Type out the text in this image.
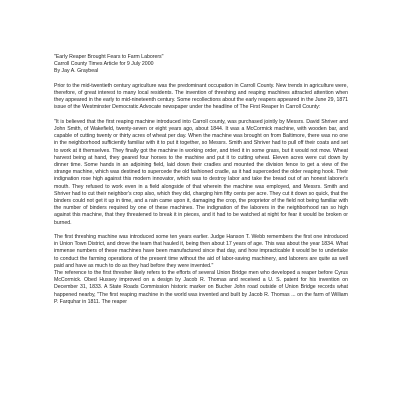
"Early Reaper Brought Fears to Farm Laborers"
Carroll County Times Article for 9 July 2000
By Jay A. Graybeal

Prior to the mid-twentieth century agriculture was the predominant occupation in Carroll County. New trends in agriculture were, therefore, of great interest to many local residents. The invention of threshing and reaping machines attracted attention when they appeared in the early to mid-nineteenth century. Some recollections about the early reapers appeared in the June 29, 1871 issue of the Westminster Democratic Advocate newspaper under the headline of The First Reaper In Carroll County:

"It is believed that the first reaping machine introduced into Carroll county, was purchased jointly by Messrs. David Shriver and John Smith, of Wakefield, twenty-seven or eight years ago, about 1844. It was a McCormick machine, with wooden bar, and capable of cutting twenty or thirty acres of wheat per day. When the machine was brought on from Baltimore, there was no one in the neighborhood sufficiently familiar with it to put it together, so Messrs. Smith and Shriver had to pull off their coats and set to work at it themselves. They finally got the machine in working order, and tried it in some grass, but it would not mow. Wheat harvest being at hand, they geared four horses to the machine and put it to cutting wheat. Eleven acres were cut down by dinner time. Some hands in an adjoining field, laid down their cradles and mounted the division fence to get a view of the strange machine, which was destined to supercede the old fashioned cradle, as it had superceded the older reaping hook. Their indignation rose high against this modern innovator, which was to destroy labor and take the bread out of an honest laborer's mouth. They refused to work even in a field alongside of that wherein the machine was employed, and Messrs. Smith and Shriver had to cut their neighbor's crop also, which they did, charging him fifty cents per acre. They cut it down so quick, that the binders could not get it up in time, and a rain came upon it, damaging the crop, the proprietor of the field not being familiar with the number of binders required by one of these machines. The indignation of the laborers in the neighborhood ran so high against this machine, that they threatened to break it in pieces, and it had to be watched at night for fear it would be broken or burned.

The first threshing machine was introduced some ten years earlier. Judge Hanson T. Webb remembers the first one introduced in Union Town District, and drove the team that hauled it, being then about 17 years of age. This was about the year 1834. What immense numbers of these machines have been manufactured since that day, and how impracticable it would be to undertake to conduct the farming operations of the present time without the aid of labor-saving machinery, and laborers are quite as well paid and have as much to do as they had before they were invented."

The reference to the first thresher likely refers to the efforts of several Union Bridge men who developed a reaper before Cyrus McCormick. Obed Hussey improved on a design by Jacob R. Thomas and received a U. S. patent for his invention on December 31, 1833. A State Roads Commission historic marker on Bucher John road outside of Union Bridge records what happened nearby, "The first reaping machine in the world was invented and built by Jacob R. Thomas ... on the farm of William P. Farquhar in 1811. The reaper
